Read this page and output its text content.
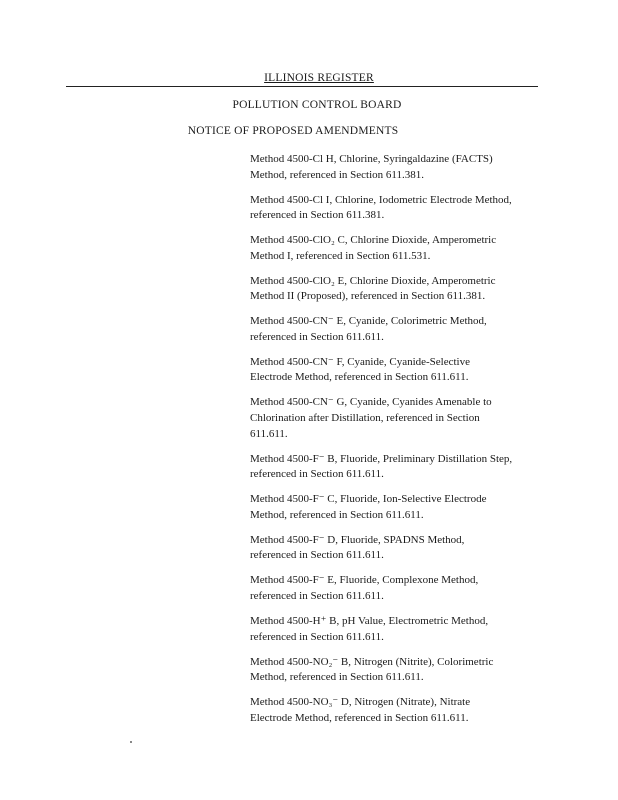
ILLINOIS REGISTER
POLLUTION CONTROL BOARD
NOTICE OF PROPOSED AMENDMENTS
Method 4500-Cl H, Chlorine, Syringaldazine (FACTS)
Method, referenced in Section 611.381.
Method 4500-Cl I, Chlorine, Iodometric Electrode Method,
referenced in Section 611.381.
Method 4500-ClO₂ C, Chlorine Dioxide, Amperometric
Method I, referenced in Section 611.531.
Method 4500-ClO₂ E, Chlorine Dioxide, Amperometric
Method II (Proposed), referenced in Section 611.381.
Method 4500-CN⁻ E, Cyanide, Colorimetric Method,
referenced in Section 611.611.
Method 4500-CN⁻ F, Cyanide, Cyanide-Selective
Electrode Method, referenced in Section 611.611.
Method 4500-CN⁻ G, Cyanide, Cyanides Amenable to
Chlorination after Distillation, referenced in Section
611.611.
Method 4500-F⁻ B, Fluoride, Preliminary Distillation Step,
referenced in Section 611.611.
Method 4500-F⁻ C, Fluoride, Ion-Selective Electrode
Method, referenced in Section 611.611.
Method 4500-F⁻ D, Fluoride, SPADNS Method,
referenced in Section 611.611.
Method 4500-F⁻ E, Fluoride, Complexone Method,
referenced in Section 611.611.
Method 4500-H⁺ B, pH Value, Electrometric Method,
referenced in Section 611.611.
Method 4500-NO₂⁻ B, Nitrogen (Nitrite), Colorimetric
Method, referenced in Section 611.611.
Method 4500-NO₃⁻ D, Nitrogen (Nitrate), Nitrate
Electrode Method, referenced in Section 611.611.
